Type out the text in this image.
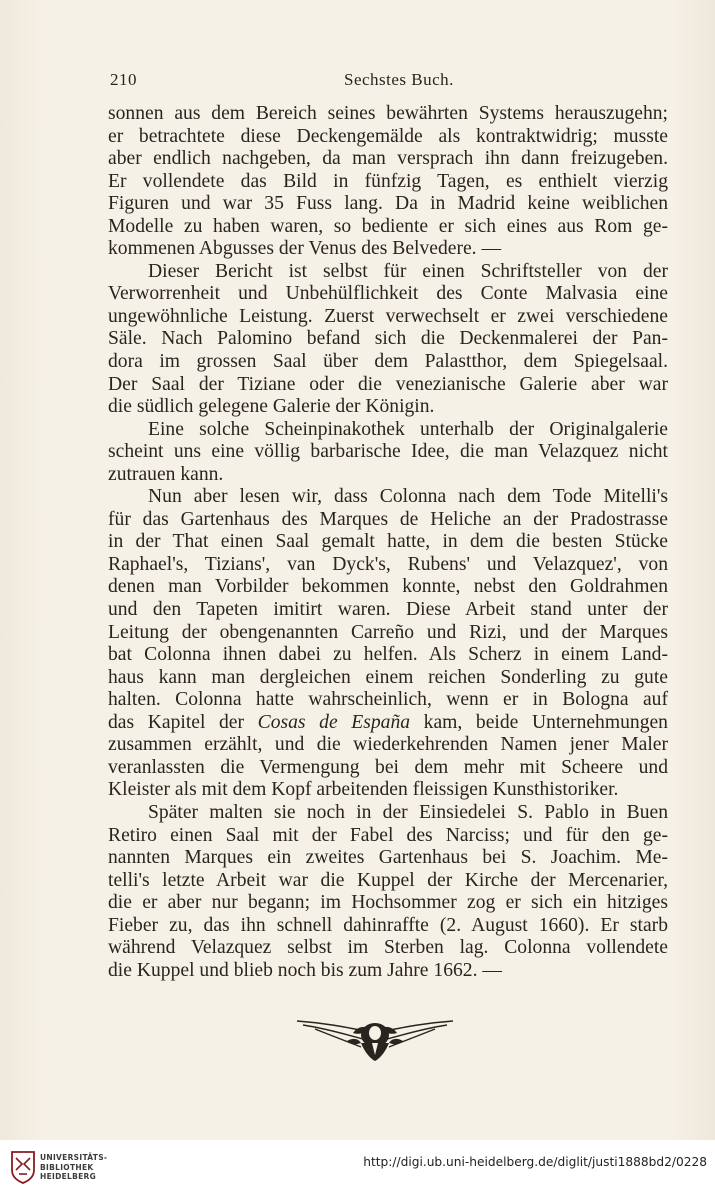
210	Sechstes Buch.
sonnen aus dem Bereich seines bewährten Systems herauszugehn;
er betrachtete diese Deckengemälde als kontraktwidrig; musste
aber endlich nachgeben, da man versprach ihn dann freizugeben.
Er vollendete das Bild in fünfzig Tagen, es enthielt vierzig
Figuren und war 35 Fuss lang. Da in Madrid keine weiblichen
Modelle zu haben waren, so bediente er sich eines aus Rom ge-
kommenen Abgusses der Venus des Belvedere. —
Dieser Bericht ist selbst für einen Schriftsteller von der
Verworrenheit und Unbehülflichkeit des Conte Malvasia eine
ungewöhnliche Leistung. Zuerst verwechselt er zwei verschiedene
Säle. Nach Palomino befand sich die Deckenmalerei der Pan-
dora im grossen Saal über dem Palastthor, dem Spiegelsaal.
Der Saal der Tiziane oder die venezianische Galerie aber war
die südlich gelegene Galerie der Königin.
Eine solche Scheinpinakothek unterhalb der Originalgalerie
scheint uns eine völlig barbarische Idee, die man Velazquez nicht
zutrauen kann.
Nun aber lesen wir, dass Colonna nach dem Tode Mitelli's
für das Gartenhaus des Marques de Heliche an der Pradostrasse
in der That einen Saal gemalt hatte, in dem die besten Stücke
Raphael's, Tizians', van Dyck's, Rubens' und Velazquez', von
denen man Vorbilder bekommen konnte, nebst den Goldrahmen
und den Tapeten imitirt waren. Diese Arbeit stand unter der
Leitung der obengenannten Carreño und Rizi, und der Marques
bat Colonna ihnen dabei zu helfen. Als Scherz in einem Land-
haus kann man dergleichen einem reichen Sonderling zu gute
halten. Colonna hatte wahrscheinlich, wenn er in Bologna auf
das Kapitel der Cosas de España kam, beide Unternehmungen
zusammen erzählt, und die wiederkehrenden Namen jener Maler
veranlassten die Vermengung bei dem mehr mit Scheere und
Kleister als mit dem Kopf arbeitenden fleissigen Kunsthistoriker.
Später malten sie noch in der Einsiedelei S. Pablo in Buen
Retiro einen Saal mit der Fabel des Narciss; und für den ge-
nannten Marques ein zweites Gartenhaus bei S. Joachim. Me-
telli's letzte Arbeit war die Kuppel der Kirche der Mercenarier,
die er aber nur begann; im Hochsommer zog er sich ein hitziges
Fieber zu, das ihn schnell dahinraffte (2. August 1660). Er starb
während Velazquez selbst im Sterben lag. Colonna vollendete
die Kuppel und blieb noch bis zum Jahre 1662. —
UNIVERSITÄTS-
BIBLIOTHEK
HEIDELBERG
http://digi.ub.uni-heidelberg.de/diglit/justi1888bd2/0228
